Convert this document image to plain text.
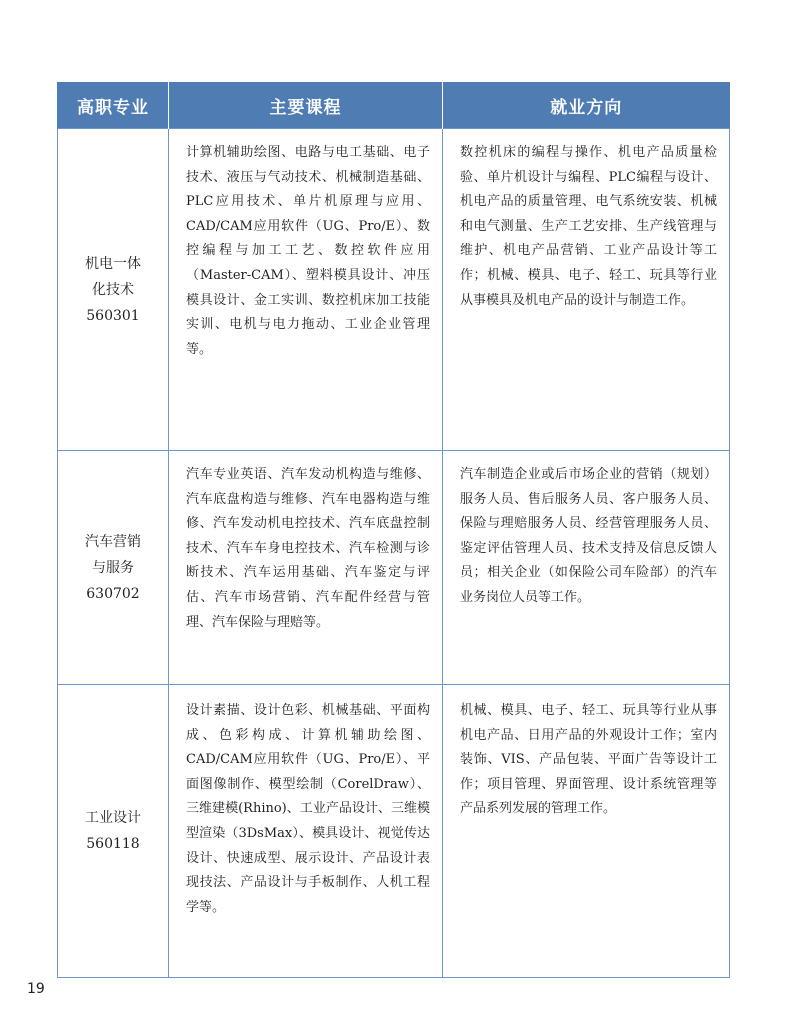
高职专业	主要课程	就业方向

机电一体
化技术
560301	计算机辅助绘图、电路与电工基础、电子技术、液压与气动技术、机械制造基础、PLC应用技术、单片机原理与应用、CAD/CAM应用软件（UG、Pro/E）、数控编程与加工工艺、数控软件应用（Master-CAM）、塑料模具设计、冲压模具设计、金工实训、数控机床加工技能实训、电机与电力拖动、工业企业管理等。	数控机床的编程与操作、机电产品质量检验、单片机设计与编程、PLC编程与设计、机电产品的质量管理、电气系统安装、机械和电气测量、生产工艺安排、生产线管理与维护、机电产品营销、工业产品设计等工作；机械、模具、电子、轻工、玩具等行业从事模具及机电产品的设计与制造工作。

汽车营销
与服务
630702	汽车专业英语、汽车发动机构造与维修、汽车底盘构造与维修、汽车电器构造与维修、汽车发动机电控技术、汽车底盘控制技术、汽车车身电控技术、汽车检测与诊断技术、汽车运用基础、汽车鉴定与评估、汽车市场营销、汽车配件经营与管理、汽车保险与理赔等。	汽车制造企业或后市场企业的营销（规划）服务人员、售后服务人员、客户服务人员、保险与理赔服务人员、经营管理服务人员、鉴定评估管理人员、技术支持及信息反馈人员；相关企业（如保险公司车险部）的汽车业务岗位人员等工作。

工业设计
560118	设计素描、设计色彩、机械基础、平面构成、色彩构成、计算机辅助绘图、CAD/CAM应用软件（UG、Pro/E）、平面图像制作、模型绘制（CorelDraw）、三维建模(Rhino)、工业产品设计、三维模型渲染（3DsMax）、模具设计、视觉传达设计、快速成型、展示设计、产品设计表现技法、产品设计与手板制作、人机工程学等。	机械、模具、电子、轻工、玩具等行业从事机电产品、日用产品的外观设计工作；室内装饰、VIS、产品包装、平面广告等设计工作；项目管理、界面管理、设计系统管理等产品系列发展的管理工作。
19
